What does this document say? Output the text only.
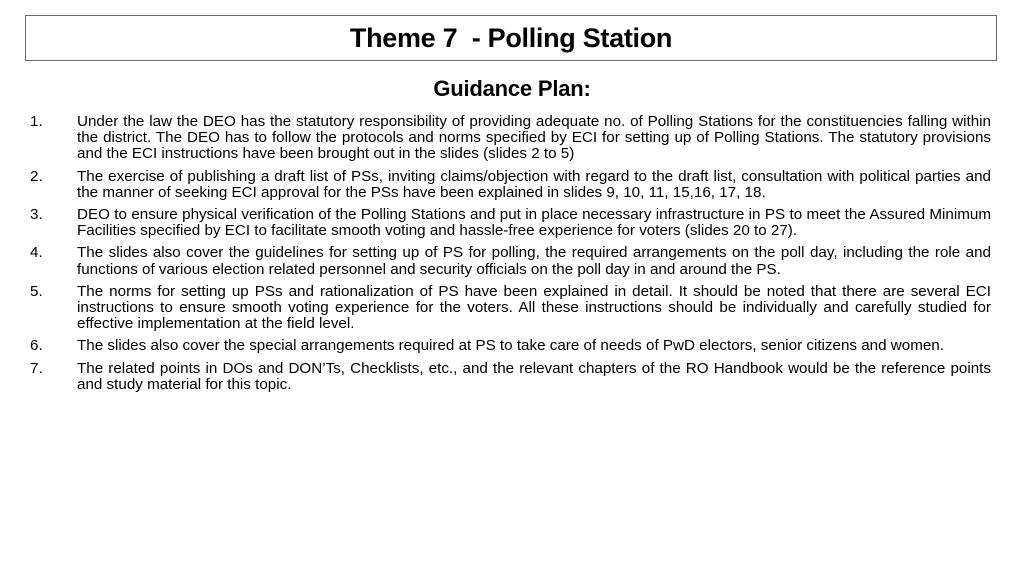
Theme 7  - Polling Station
Guidance Plan:
1.	Under the law the DEO has the statutory responsibility of providing adequate no. of Polling Stations for the constituencies falling within the district. The DEO has to follow the protocols and norms specified by ECI for setting up of Polling Stations. The statutory provisions and the ECI instructions have been brought out in the slides (slides 2 to 5)
2.	The exercise of publishing a draft list of PSs, inviting claims/objection with regard to the draft list, consultation with political parties and the manner of seeking ECI approval for the PSs have been explained in slides 9, 10, 11, 15,16, 17, 18.
3.	DEO to ensure physical verification of the Polling Stations and put in place necessary infrastructure in PS to meet the Assured Minimum Facilities specified by ECI to facilitate smooth voting and hassle-free experience for voters (slides 20 to 27).
4.	The slides also cover the guidelines for setting up of PS for polling, the required arrangements on the poll day, including the role and functions of various election related personnel and security officials on the poll day in and around the PS.
5.	The norms for setting up PSs and rationalization of PS have been explained in detail. It should be noted that there are several ECI instructions to ensure smooth voting experience for the voters. All these instructions should be individually and carefully studied for effective implementation at the field level.
6.	The slides also cover the special arrangements required at PS to take care of needs of PwD electors, senior citizens and women.
7.	The related points in DOs and DON’Ts, Checklists, etc., and the relevant chapters of the RO Handbook would be the reference points and study material for this topic.
